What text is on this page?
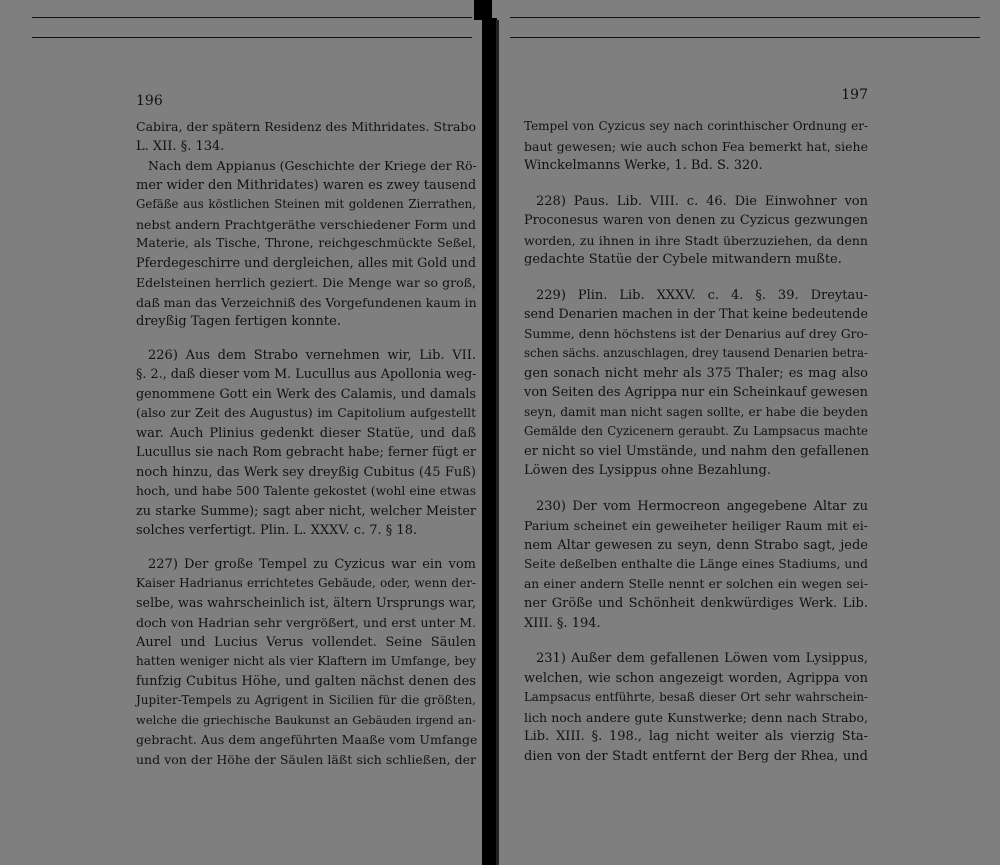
196
Cabira, der spätern Residenz des Mithridates. Strabo
L. XII. §. 134.
Nach dem Appianus (Geschichte der Kriege der Rö-
mer wider den Mithridates) waren es zwey tausend
Gefäße aus köstlichen Steinen mit goldenen Zierrathen,
nebst andern Prachtgeräthe verschiedener Form und
Materie, als Tische, Throne, reichgeschmückte Seßel,
Pferdegeschirre und dergleichen, alles mit Gold und
Edelsteinen herrlich geziert. Die Menge war so groß,
daß man das Verzeichniß des Vorgefundenen kaum in
dreyßig Tagen fertigen konnte.
226) Aus dem Strabo vernehmen wir, Lib. VII.
§. 2., daß dieser vom M. Lucullus aus Apollonia weg-
genommene Gott ein Werk des Calamis, und damals
(also zur Zeit des Augustus) im Capitolium aufgestellt
war. Auch Plinius gedenkt dieser Statüe, und daß
Lucullus sie nach Rom gebracht habe; ferner fügt er
noch hinzu, das Werk sey dreyßig Cubitus (45 Fuß)
hoch, und habe 500 Talente gekostet (wohl eine etwas
zu starke Summe); sagt aber nicht, welcher Meister
solches verfertigt. Plin. L. XXXV. c. 7. § 18.
227) Der große Tempel zu Cyzicus war ein vom
Kaiser Hadrianus errichtetes Gebäude, oder, wenn der-
selbe, was wahrscheinlich ist, ältern Ursprungs war,
doch von Hadrian sehr vergrößert, und erst unter M.
Aurel und Lucius Verus vollendet. Seine Säulen
hatten weniger nicht als vier Klaftern im Umfange, bey
funfzig Cubitus Höhe, und galten nächst denen des
Jupiter-Tempels zu Agrigent in Sicilien für die größten,
welche die griechische Baukunst an Gebäuden irgend an-
gebracht. Aus dem angeführten Maaße vom Umfange
und von der Höhe der Säulen läßt sich schließen, der
197
Tempel von Cyzicus sey nach corinthischer Ordnung er-
baut gewesen; wie auch schon Fea bemerkt hat, siehe
Winckelmanns Werke, 1. Bd. S. 320.
228) Paus. Lib. VIII. c. 46. Die Einwohner von
Proconesus waren von denen zu Cyzicus gezwungen
worden, zu ihnen in ihre Stadt überzuziehen, da denn
gedachte Statüe der Cybele mitwandern mußte.
229) Plin. Lib. XXXV. c. 4. §. 39. Dreytau-
send Denarien machen in der That keine bedeutende
Summe, denn höchstens ist der Denarius auf drey Gro-
schen sächs. anzuschlagen, drey tausend Denarien betra-
gen sonach nicht mehr als 375 Thaler; es mag also
von Seiten des Agrippa nur ein Scheinkauf gewesen
seyn, damit man nicht sagen sollte, er habe die beyden
Gemälde den Cyzicenern geraubt. Zu Lampsacus machte
er nicht so viel Umstände, und nahm den gefallenen
Löwen des Lysippus ohne Bezahlung.
230) Der vom Hermocreon angegebene Altar zu
Parium scheinet ein geweiheter heiliger Raum mit ei-
nem Altar gewesen zu seyn, denn Strabo sagt, jede
Seite deßelben enthalte die Länge eines Stadiums, und
an einer andern Stelle nennt er solchen ein wegen sei-
ner Größe und Schönheit denkwürdiges Werk. Lib.
XIII. §. 194.
231) Außer dem gefallenen Löwen vom Lysippus,
welchen, wie schon angezeigt worden, Agrippa von
Lampsacus entführte, besaß dieser Ort sehr wahrschein-
lich noch andere gute Kunstwerke; denn nach Strabo,
Lib. XIII. §. 198., lag nicht weiter als vierzig Sta-
dien von der Stadt entfernt der Berg der Rhea, und
